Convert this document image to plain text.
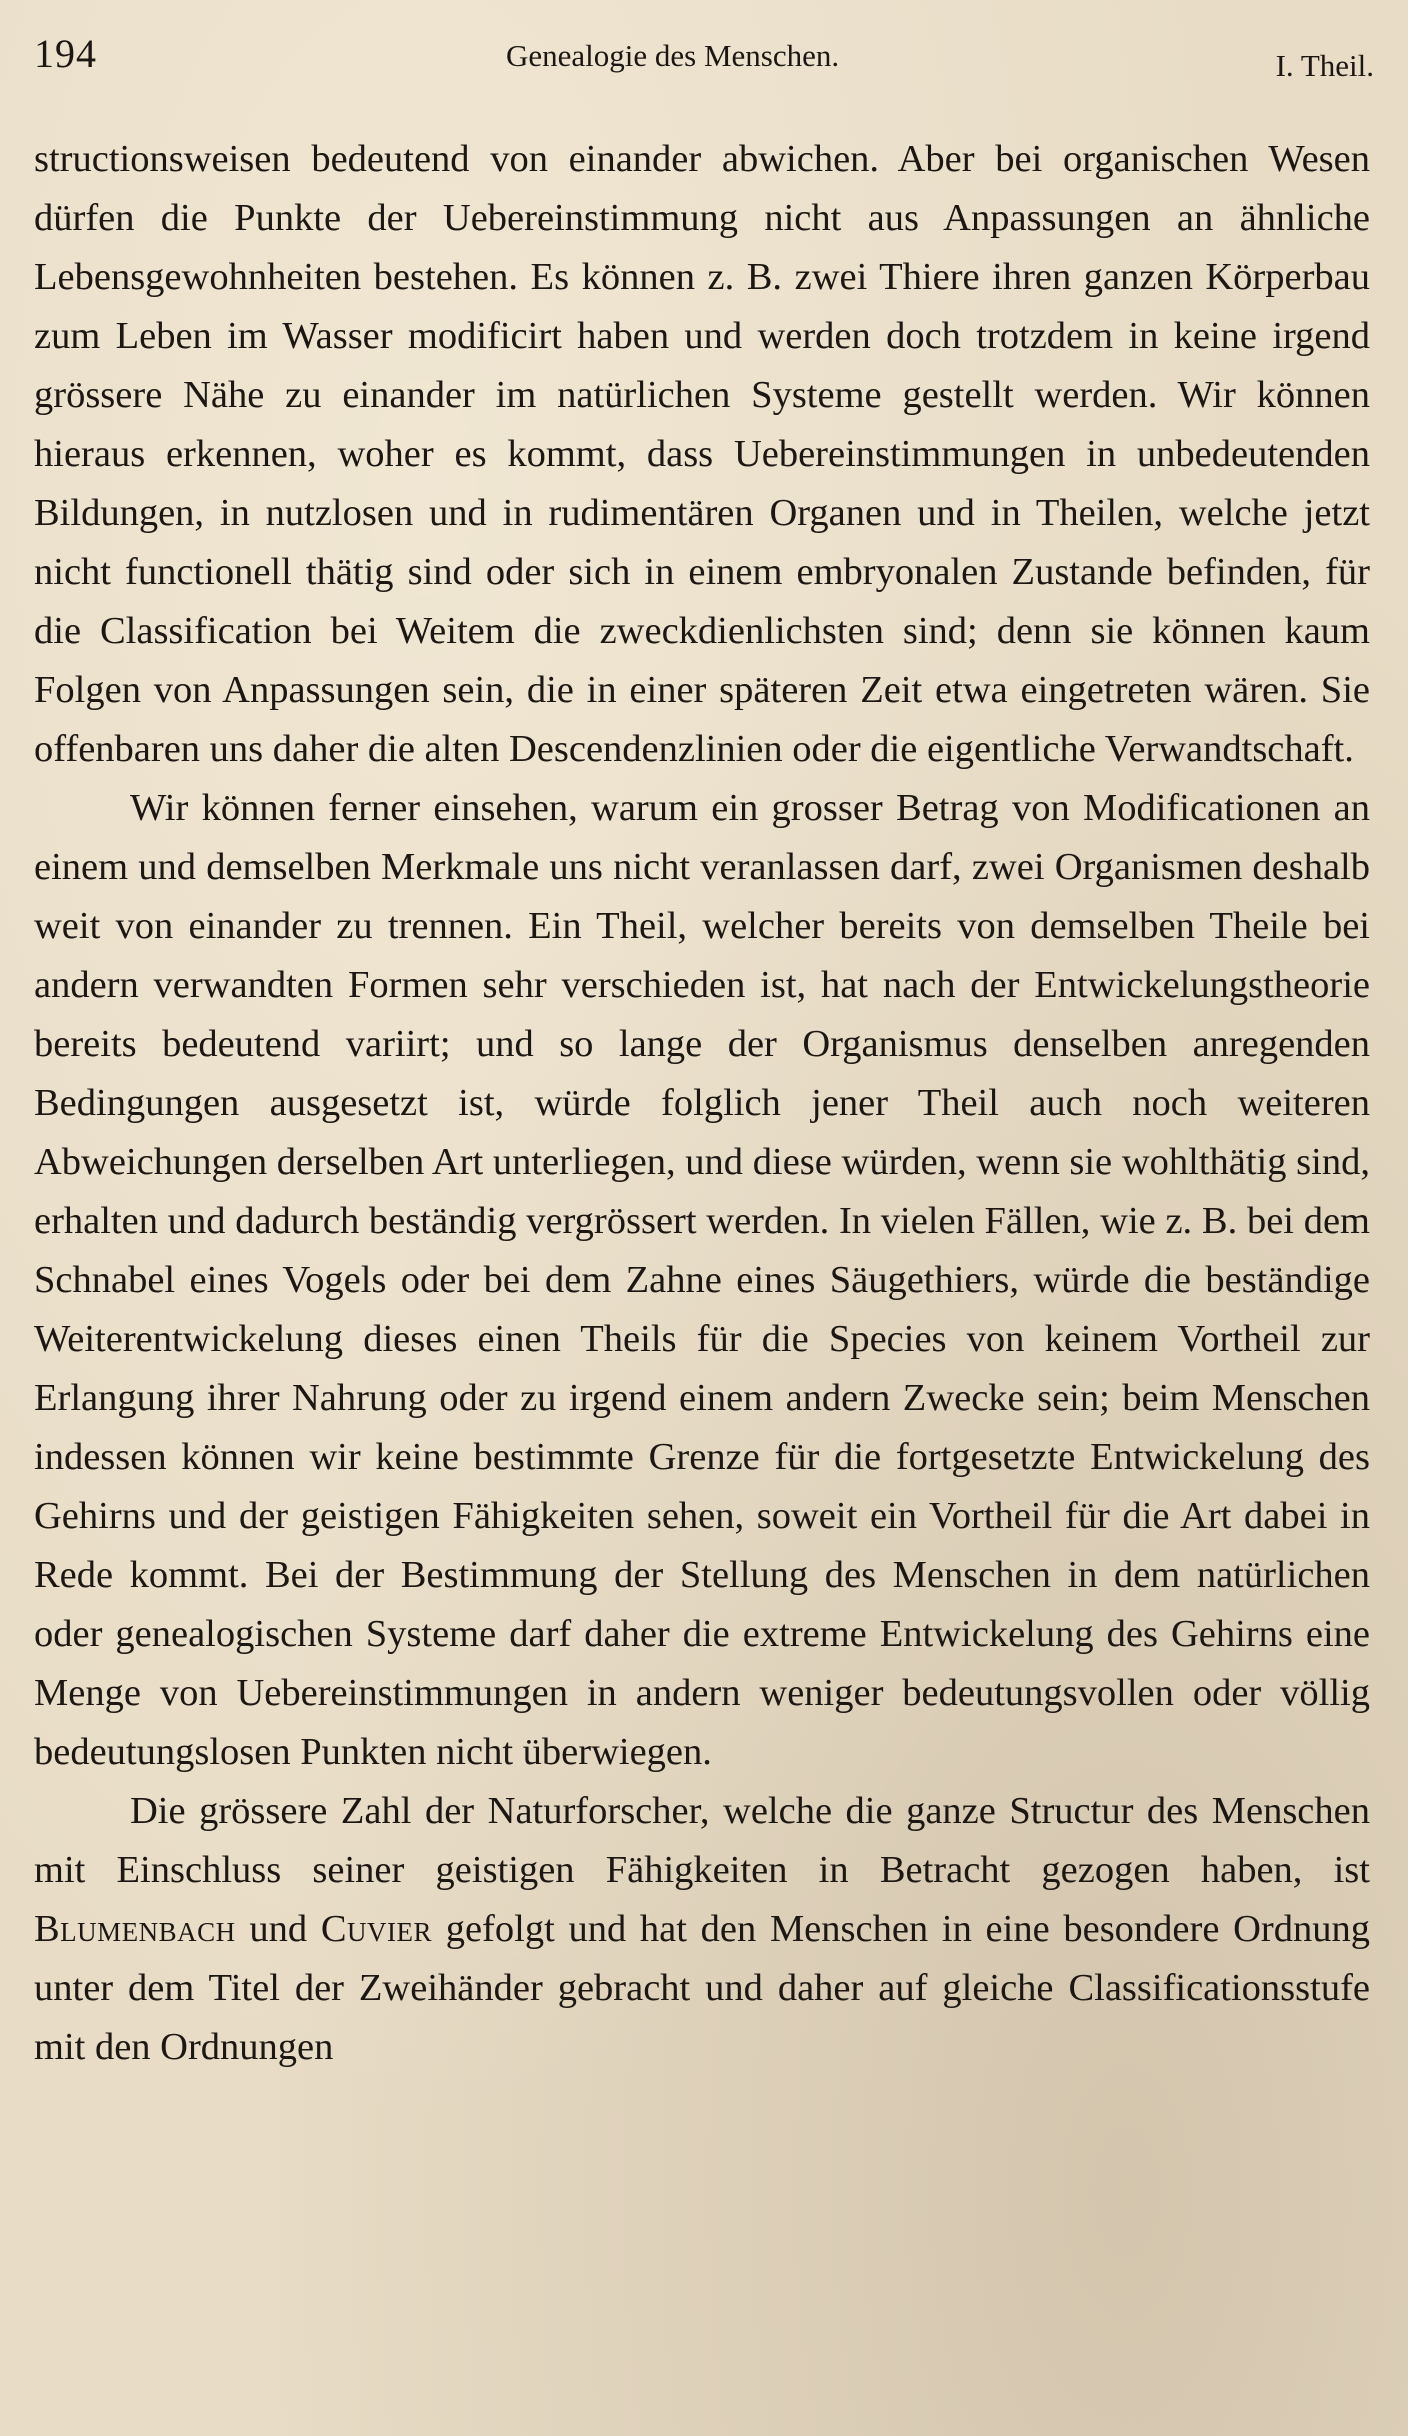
194	Genealogie des Menschen.	I. Theil.

structionsweisen bedeutend von einander abwichen. Aber bei organischen Wesen dürfen die Punkte der Uebereinstimmung nicht aus Anpassungen an ähnliche Lebensgewohnheiten bestehen. Es können z. B. zwei Thiere ihren ganzen Körperbau zum Leben im Wasser modificirt haben und werden doch trotzdem in keine irgend grössere Nähe zu einander im natürlichen Systeme gestellt werden. Wir können hieraus erkennen, woher es kommt, dass Uebereinstimmungen in unbedeutenden Bildungen, in nutzlosen und in rudimentären Organen und in Theilen, welche jetzt nicht functionell thätig sind oder sich in einem embryonalen Zustande befinden, für die Classification bei Weitem die zweckdienlichsten sind; denn sie können kaum Folgen von Anpassungen sein, die in einer späteren Zeit etwa eingetreten wären. Sie offenbaren uns daher die alten Descendenzlinien oder die eigentliche Verwandtschaft.

Wir können ferner einsehen, warum ein grosser Betrag von Modificationen an einem und demselben Merkmale uns nicht veranlassen darf, zwei Organismen deshalb weit von einander zu trennen. Ein Theil, welcher bereits von demselben Theile bei andern verwandten Formen sehr verschieden ist, hat nach der Entwickelungstheorie bereits bedeutend variirt; und so lange der Organismus denselben anregenden Bedingungen ausgesetzt ist, würde folglich jener Theil auch noch weiteren Abweichungen derselben Art unterliegen, und diese würden, wenn sie wohlthätig sind, erhalten und dadurch beständig vergrössert werden. In vielen Fällen, wie z. B. bei dem Schnabel eines Vogels oder bei dem Zahne eines Säugethiers, würde die beständige Weiterentwickelung dieses einen Theils für die Species von keinem Vortheil zur Erlangung ihrer Nahrung oder zu irgend einem andern Zwecke sein; beim Menschen indessen können wir keine bestimmte Grenze für die fortgesetzte Entwickelung des Gehirns und der geistigen Fähigkeiten sehen, soweit ein Vortheil für die Art dabei in Rede kommt. Bei der Bestimmung der Stellung des Menschen in dem natürlichen oder genealogischen Systeme darf daher die extreme Entwickelung des Gehirns eine Menge von Uebereinstimmungen in andern weniger bedeutungsvollen oder völlig bedeutungslosen Punkten nicht überwiegen.

Die grössere Zahl der Naturforscher, welche die ganze Structur des Menschen mit Einschluss seiner geistigen Fähigkeiten in Betracht gezogen haben, ist Blumenbach und Cuvier gefolgt und hat den Menschen in eine besondere Ordnung unter dem Titel der Zweihänder gebracht und daher auf gleiche Classificationsstufe mit den Ordnungen
